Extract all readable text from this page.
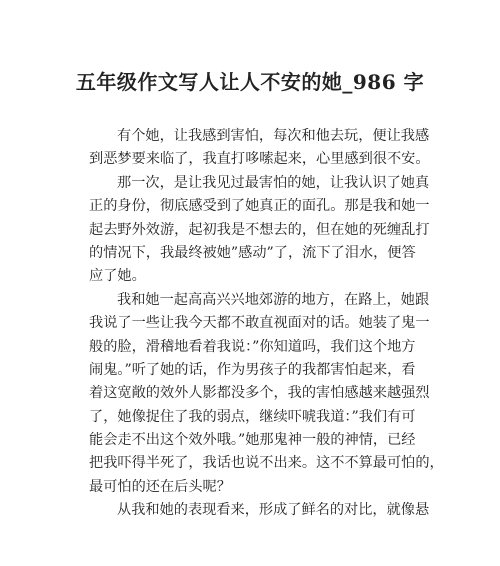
五年级作文写人让人不安的她_986 字
有个她，让我感到害怕，每次和他去玩，便让我感
到恶梦要来临了，我直打哆嗦起来，心里感到很不安。
那一次，是让我见过最害怕的她，让我认识了她真
正的身份，彻底感受到了她真正的面孔。那是我和她一
起去野外效游，起初我是不想去的，但在她的死缠乱打
的情况下，我最终被她”感动”了，流下了泪水，便答
应了她。
我和她一起高高兴兴地郊游的地方，在路上，她跟
我说了一些让我今天都不敢直视面对的话。她装了鬼一
般的脸，滑稽地看着我说：”你知道吗，我们这个地方
闹鬼。”听了她的话，作为男孩子的我都害怕起来，看
着这宽敞的效外人影都没多个，我的害怕感越来越强烈
了，她像捉住了我的弱点，继续吓唬我道：”我们有可
能会走不出这个效外哦。”她那鬼神一般的神情，已经
把我吓得半死了，我话也说不出来。这不不算最可怕的，
最可怕的还在后头呢？
从我和她的表现看来，形成了鲜名的对比，就像悬
